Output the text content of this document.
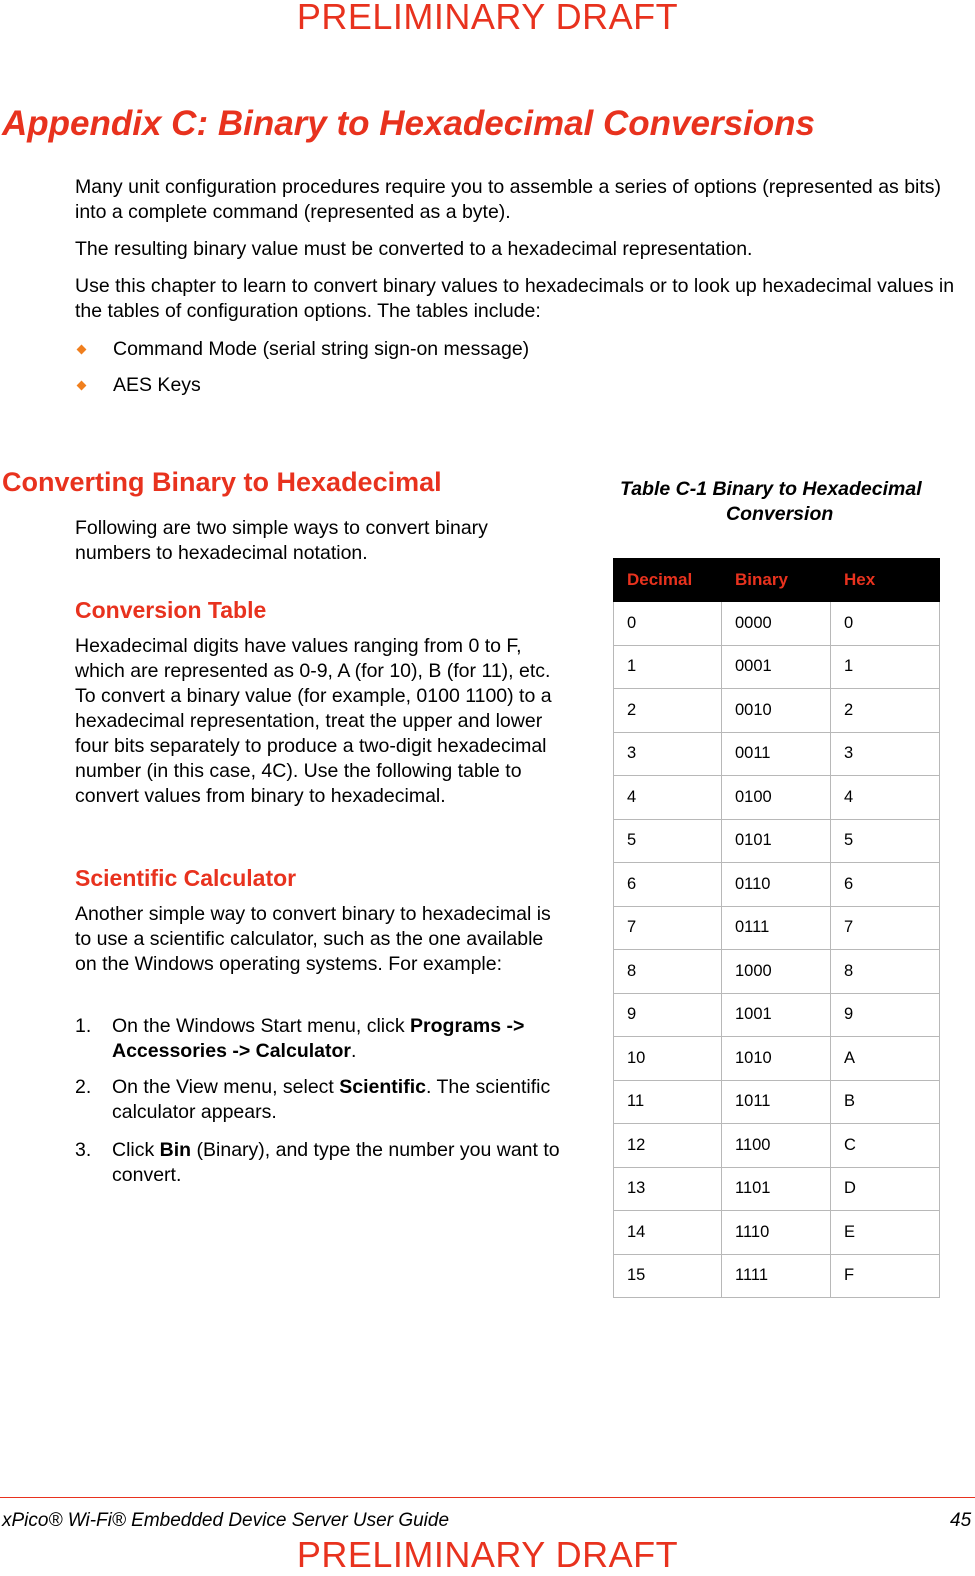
PRELIMINARY DRAFT
Appendix C: Binary to Hexadecimal Conversions

Many unit configuration procedures require you to assemble a series of options (represented as bits) into a complete command (represented as a byte).

The resulting binary value must be converted to a hexadecimal representation.

Use this chapter to learn to convert binary values to hexadecimals or to look up hexadecimal values in the tables of configuration options. The tables include:

Command Mode (serial string sign-on message)
AES Keys
Converting Binary to Hexadecimal

Following are two simple ways to convert binary numbers to hexadecimal notation.

Conversion Table

Hexadecimal digits have values ranging from 0 to F, which are represented as 0-9, A (for 10), B (for 11), etc. To convert a binary value (for example, 0100 1100) to a hexadecimal representation, treat the upper and lower four bits separately to produce a two-digit hexadecimal number (in this case, 4C). Use the following table to convert values from binary to hexadecimal.

Scientific Calculator

Another simple way to convert binary to hexadecimal is to use a scientific calculator, such as the one available on the Windows operating systems. For example:

1. On the Windows Start menu, click Programs -> Accessories -> Calculator.
2. On the View menu, select Scientific. The scientific calculator appears.
3. Click Bin (Binary), and type the number you want to convert.
Table C-1 Binary to Hexadecimal
Conversion
Decimal	Binary	Hex
0	0000	0
1	0001	1
2	0010	2
3	0011	3
4	0100	4
5	0101	5
6	0110	6
7	0111	7
8	1000	8
9	1001	9
10	1010	A
11	1011	B
12	1100	C
13	1101	D
14	1110	E
15	1111	F
xPico® Wi-Fi® Embedded Device Server User Guide	45
PRELIMINARY DRAFT
